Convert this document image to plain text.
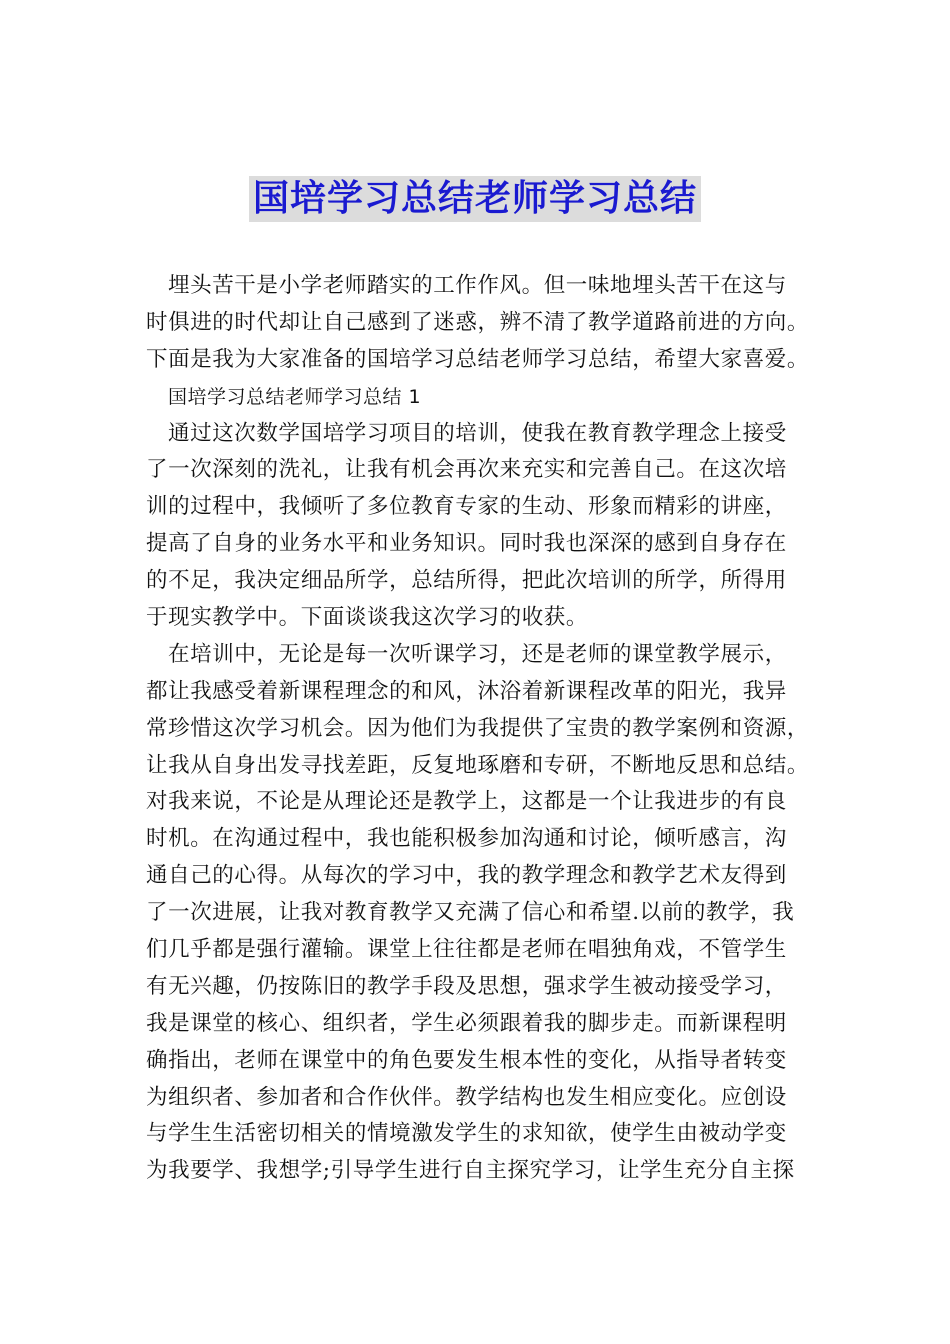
国培学习总结老师学习总结
埋头苦干是小学老师踏实的工作作风。但一味地埋头苦干在这与
时俱进的时代却让自己感到了迷惑，辨不清了教学道路前进的方向。
下面是我为大家准备的国培学习总结老师学习总结，希望大家喜爱。
国培学习总结老师学习总结 1
通过这次数学国培学习项目的培训，使我在教育教学理念上接受
了一次深刻的洗礼，让我有机会再次来充实和完善自己。在这次培
训的过程中，我倾听了多位教育专家的生动、形象而精彩的讲座，
提高了自身的业务水平和业务知识。同时我也深深的感到自身存在
的不足，我决定细品所学，总结所得，把此次培训的所学，所得用
于现实教学中。下面谈谈我这次学习的收获。
在培训中，无论是每一次听课学习，还是老师的课堂教学展示，
都让我感受着新课程理念的和风，沐浴着新课程改革的阳光，我异
常珍惜这次学习机会。因为他们为我提供了宝贵的教学案例和资源，
让我从自身出发寻找差距，反复地琢磨和专研，不断地反思和总结。
对我来说，不论是从理论还是教学上，这都是一个让我进步的有良
时机。在沟通过程中，我也能积极参加沟通和讨论，倾听感言，沟
通自己的心得。从每次的学习中，我的教学理念和教学艺术友得到
了一次进展，让我对教育教学又充满了信心和希望.以前的教学，我
们几乎都是强行灌输。课堂上往往都是老师在唱独角戏，不管学生
有无兴趣，仍按陈旧的教学手段及思想，强求学生被动接受学习，
我是课堂的核心、组织者，学生必须跟着我的脚步走。而新课程明
确指出，老师在课堂中的角色要发生根本性的变化，从指导者转变
为组织者、参加者和合作伙伴。教学结构也发生相应变化。应创设
与学生生活密切相关的情境激发学生的求知欲，使学生由被动学变
为我要学、我想学;引导学生进行自主探究学习，让学生充分自主探
